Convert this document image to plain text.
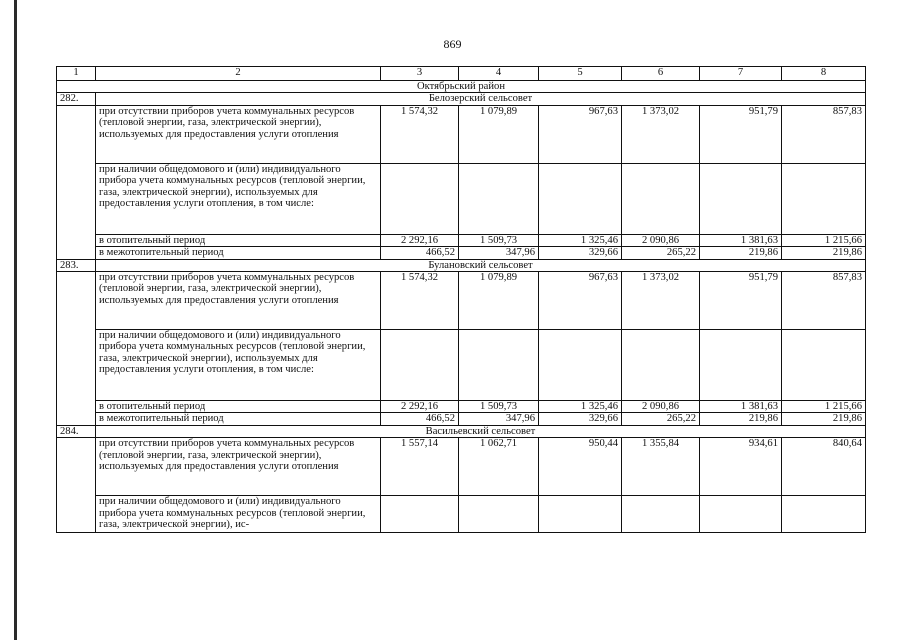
869
1	2	3	4	5	6	7	8
Октябрьский район							
282.	Белозерский сельсовет						
	при отсутствии приборов учета коммунальных ресурсов (тепловой энергии, газа, электрической энергии), используемых для предоставления услуги отопления	1 574,32	1 079,89	967,63	1 373,02	951,79	857,83
	при наличии общедомового и (или) индивидуального прибора учета коммунальных ресурсов (тепловой энергии, газа, электрической энергии), используемых для предоставления услуги отопления, в том числе:						
	в отопительный период	2 292,16	1 509,73	1 325,46	2 090,86	1 381,63	1 215,66
	в межотопительный период	466,52	347,96	329,66	265,22	219,86	219,86
283.	Булановский сельсовет						
	при отсутствии приборов учета коммунальных ресурсов (тепловой энергии, газа, электрической энергии), используемых для предоставления услуги отопления	1 574,32	1 079,89	967,63	1 373,02	951,79	857,83
	при наличии общедомового и (или) индивидуального прибора учета коммунальных ресурсов (тепловой энергии, газа, электрической энергии), используемых для предоставления услуги отопления, в том числе:						
	в отопительный период	2 292,16	1 509,73	1 325,46	2 090,86	1 381,63	1 215,66
	в межотопительный период	466,52	347,96	329,66	265,22	219,86	219,86
284.	Васильевский сельсовет						
	при отсутствии приборов учета коммунальных ресурсов (тепловой энергии, газа, электрической энергии), используемых для предоставления услуги отопления	1 557,14	1 062,71	950,44	1 355,84	934,61	840,64
	при наличии общедомового и (или) индивидуального прибора учета коммунальных ресурсов (тепловой энергии, газа, электрической энергии), ис-						
